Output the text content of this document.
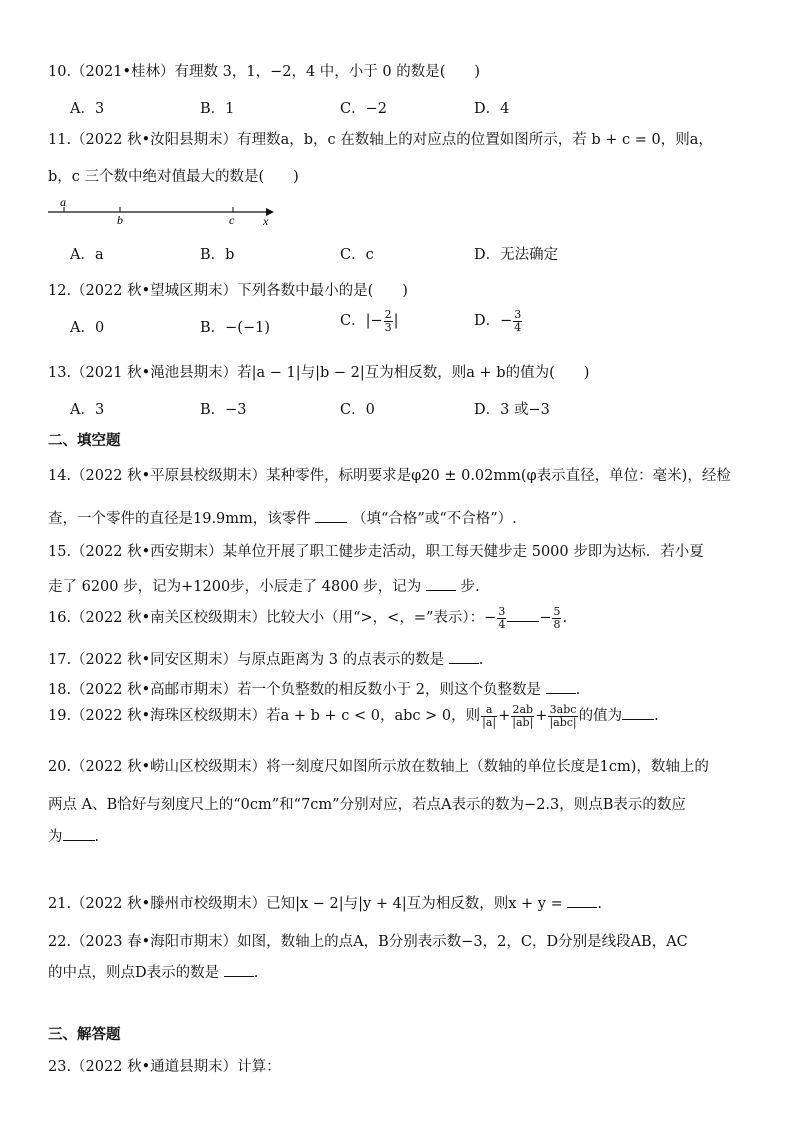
10.（2021•桂林）有理数 3，1，−2，4 中，小于 0 的数是(　　)
A．3	B．1	C．−2	D．4
11.（2022 秋•汝阳县期末）有理数a，b，c 在数轴上的对应点的位置如图所示，若 b + c = 0，则a，
b，c 三个数中绝对值最大的数是(　　)
a
b	c x
A．a	B．b	C．c	D．无法确定
12.（2022 秋•望城区期末）下列各数中最小的是(　　)
A．0	B．−(−1)	C．|− $\frac{2}{3}$ |	D．− $\frac{3}{4}$
13.（2021 秋•渑池县期末）若|a − 1|与|b − 2|互为相反数，则a + b的值为(　　)
A．3	B．−3	C．0	D．3 或−3
二、填空题
14.（2022 秋•平原县校级期末）某种零件，标明要求是φ20 ± 0.02mm(φ表示直径，单位：毫米)，经检
查，一个零件的直径是19.9mm，该零件	（填“合格”或“不合格”）.
15.（2022 秋•西安期末）某单位开展了职工健步走活动，职工每天健步走 5000 步即为达标．若小夏
走了 6200 步，记为+1200步，小辰走了 4800 步，记为	步.
16.（2022 秋•南关区校级期末）比较大小（用“>，<，=”表示）：− $\frac{3}{4} - \frac{5}{8}$ .
17.（2022 秋•同安区期末）与原点距离为 3 的点表示的数是 .
18.（2022 秋•高邮市期末）若一个负整数的相反数小于 2，则这个负整数是 .
19.（2022 秋•海珠区校级期末）若a + b + c < 0，abc > 0，则 $\frac{a}{|a|} + \frac{2ab}{|ab|} + \frac{\text{3abc}}{\text{|abc|}}$ 的值为 .
20.（2022 秋•崂山区校级期末）将一刻度尺如图所示放在数轴上（数轴的单位长度是1cm)，数轴上的
两点 A、B恰好与刻度尺上的“0cm”和“7cm”分别对应，若点A表示的数为−2.3，则点B表示的数应
为 .
21.（2022 秋•滕州市校级期末）已知|x − 2|与|y + 4|互为相反数，则x + y = .
22.（2023 春•海阳市期末）如图，数轴上的点A，B分别表示数−3，2，C，D分别是线段AB，AC
的中点，则点D表示的数是 .
三、解答题
23.（2022 秋•通道县期末）计算：
